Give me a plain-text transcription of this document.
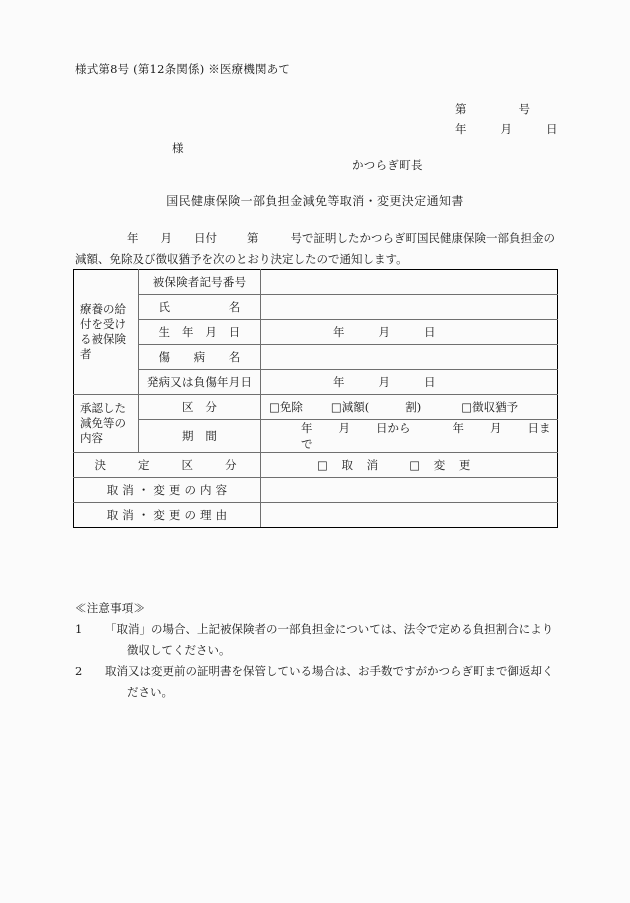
様式第8号 (第12条関係) ※医療機関あて
第	号
年	月	日
様
かつらぎ町長
国民健康保険一部負担金減免等取消・変更決定通知書
年 月 日付	第	号で証明したかつらぎ町国民健康保険一部負担金の減額、免除及び徴収猶予を次のとおり決定したので通知します。
療養の給付を受ける被保険者	被保険者記号番号	
	氏　　　　　名	
	生　年　月　日	年 月 日
	傷　　病　　名	
	発病又は負傷年月日	年 月 日
承認した減免等の内容	区　分	□免除 □減額( 割) □徴収猶予
	期　間	年 月 日から 年 月 日まで
決　　定　　区　　分		□ 取 消 □ 変 更
取 消 ・ 変 更 の 内 容		
取 消 ・ 変 更 の 理 由		
≪注意事項≫
1	「取消」の場合、上記被保険者の一部負担金については、法令で定める負担割合により
徴収してください。
2	取消又は変更前の証明書を保管している場合は、お手数ですがかつらぎ町まで御返却く
ださい。
